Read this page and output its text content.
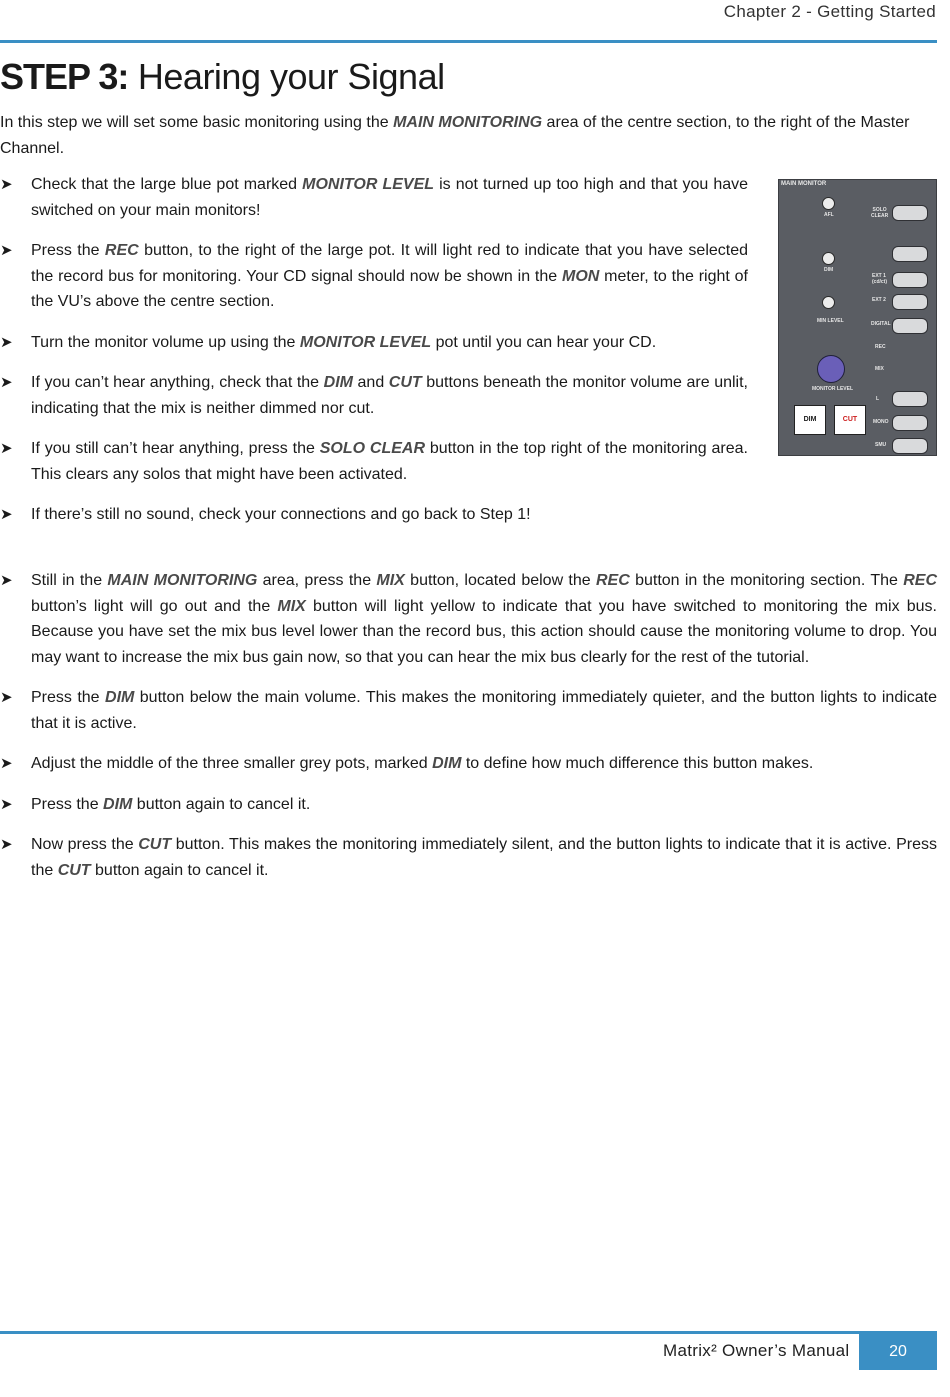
Chapter 2 - Getting Started
STEP 3: Hearing your Signal

In this step we will set some basic monitoring using the MAIN MONITORING area of the centre section, to the right of the Master Channel.

➤ Check that the large blue pot marked MONITOR LEVEL is not turned up too high and that you have switched on your main monitors!
➤ Press the REC button, to the right of the large pot. It will light red to indicate that you have selected the record bus for monitoring. Your CD signal should now be shown in the MON meter, to the right of the VU’s above the centre section.
➤ Turn the monitor volume up using the MONITOR LEVEL pot until you can hear your CD.
➤ If you can’t hear anything, check that the DIM and CUT buttons beneath the monitor volume are unlit, indicating that the mix is neither dimmed nor cut.
➤ If you still can’t hear anything, press the SOLO CLEAR button in the top right of the monitoring area. This clears any solos that might have been activated.
➤ If there’s still no sound, check your connections and go back to Step 1!
MAIN MONITOR
AFL
SOLO
CLEAR
DIM
EXT 1
(cd/ct)
EXT 2
MIN LEVEL	DIGITAL
REC
MIX
MONITOR LEVEL
L
MONO
SMU
DIM	CUT
➤ Still in the MAIN MONITORING area, press the MIX button, located below the REC button in the monitoring section. The REC button’s light will go out and the MIX button will light yellow to indicate that you have switched to monitoring the mix bus. Because you have set the mix bus level lower than the record bus, this action should cause the monitoring volume to drop. You may want to increase the mix bus gain now, so that you can hear the mix bus clearly for the rest of the tutorial.
➤ Press the DIM button below the main volume. This makes the monitoring immediately quieter, and the button lights to indicate that it is active.
➤ Adjust the middle of the three smaller grey pots, marked DIM to define how much difference this button makes.
➤ Press the DIM button again to cancel it.
➤ Now press the CUT button. This makes the monitoring immediately silent, and the button lights to indicate that it is active. Press the CUT button again to cancel it.
Matrix² Owner’s Manual	20
